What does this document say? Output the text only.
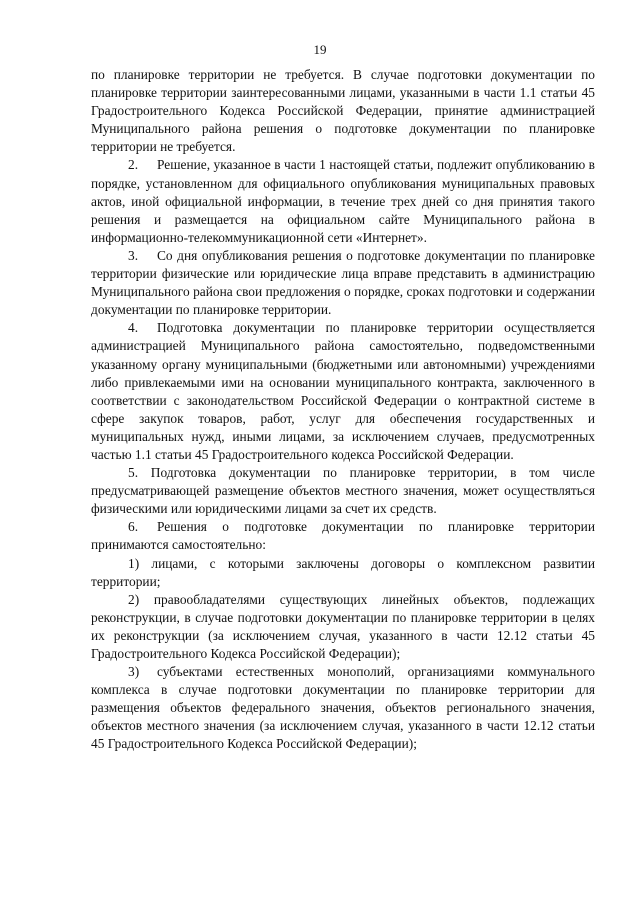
19

по планировке территории не требуется. В случае подготовки документации по планировке территории заинтересованными лицами, указанными в части 1.1 статьи 45 Градостроительного Кодекса Российской Федерации, принятие администрацией Муниципального района решения о подготовке документации по планировке территории не требуется.

2. Решение, указанное в части 1 настоящей статьи, подлежит опубликованию в порядке, установленном для официального опубликования муниципальных правовых актов, иной официальной информации, в течение трех дней со дня принятия такого решения и размещается на официальном сайте Муниципального района в информационно-телекоммуникационной сети «Интернет».

3. Со дня опубликования решения о подготовке документации по планировке территории физические или юридические лица вправе представить в администрацию Муниципального района свои предложения о порядке, сроках подготовки и содержании документации по планировке территории.

4. Подготовка документации по планировке территории осуществляется администрацией Муниципального района самостоятельно, подведомственными указанному органу муниципальными (бюджетными или автономными) учреждениями либо привлекаемыми ими на основании муниципального контракта, заключенного в соответствии с законодательством Российской Федерации о контрактной системе в сфере закупок товаров, работ, услуг для обеспечения государственных и муниципальных нужд, иными лицами, за исключением случаев, предусмотренных частью 1.1 статьи 45 Градостроительного кодекса Российской Федерации.

5. Подготовка документации по планировке территории, в том числе предусматривающей размещение объектов местного значения, может осуществляться физическими или юридическими лицами за счет их средств.

6. Решения о подготовке документации по планировке территории принимаются самостоятельно:

1) лицами, с которыми заключены договоры о комплексном развитии территории;

2) правообладателями существующих линейных объектов, подлежащих реконструкции, в случае подготовки документации по планировке территории в целях их реконструкции (за исключением случая, указанного в части 12.12 статьи 45 Градостроительного Кодекса Российской Федерации);

3) субъектами естественных монополий, организациями коммунального комплекса в случае подготовки документации по планировке территории для размещения объектов федерального значения, объектов регионального значения, объектов местного значения (за исключением случая, указанного в части 12.12 статьи 45 Градостроительного Кодекса Российской Федерации);
